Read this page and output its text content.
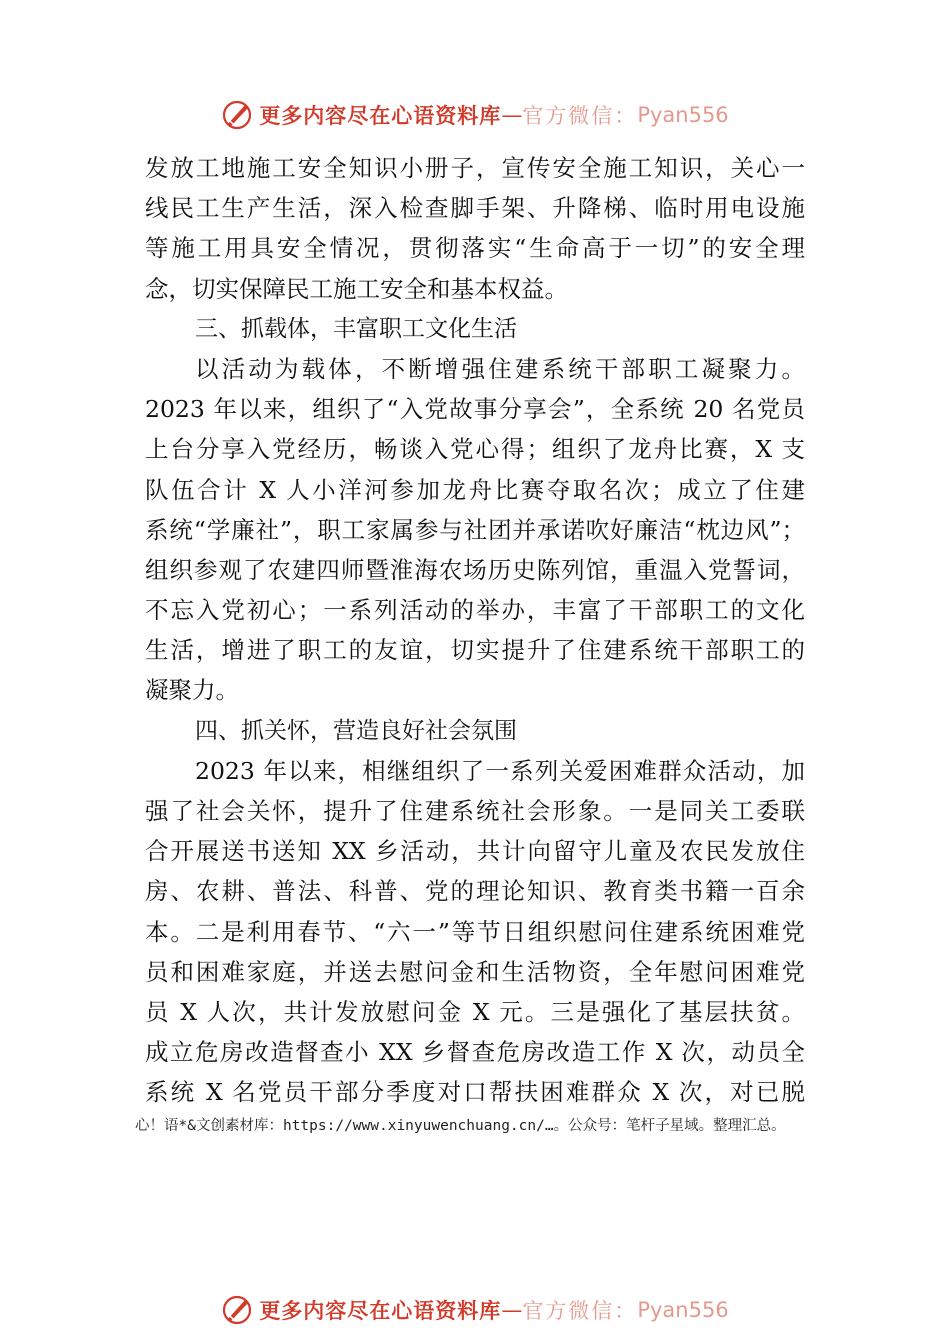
更多内容尽在心语资料库 — 官方微信： Pyan556
发放工地施工安全知识小册子，宣传安全施工知识，关心一
线民工生产生活，深入检查脚手架、升降梯、临时用电设施
等施工用具安全情况，贯彻落实“生命高于一切”的安全理
念，切实保障民工施工安全和基本权益。
三、抓载体，丰富职工文化生活
以活动为载体，不断增强住建系统干部职工凝聚力。
2023 年以来，组织了“入党故事分享会”，全系统 20 名党员
上台分享入党经历，畅谈入党心得；组织了龙舟比赛，X 支
队伍合计 X 人小洋河参加龙舟比赛夺取名次；成立了住建
系统“学廉社”，职工家属参与社团并承诺吹好廉洁“枕边风”；
组织参观了农建四师暨淮海农场历史陈列馆，重温入党誓词，
不忘入党初心；一系列活动的举办，丰富了干部职工的文化
生活，增进了职工的友谊，切实提升了住建系统干部职工的
凝聚力。
四、抓关怀，营造良好社会氛围
2023 年以来，相继组织了一系列关爱困难群众活动，加
强了社会关怀，提升了住建系统社会形象。一是同关工委联
合开展送书送知 XX 乡活动，共计向留守儿童及农民发放住
房、农耕、普法、科普、党的理论知识、教育类书籍一百余
本。二是利用春节、“六一”等节日组织慰问住建系统困难党
员和困难家庭，并送去慰问金和生活物资，全年慰问困难党
员 X 人次，共计发放慰问金 X 元。三是强化了基层扶贫。
成立危房改造督查小 XX 乡督查危房改造工作 X 次，动员全
系统 X 名党员干部分季度对口帮扶困难群众 X 次，对已脱
心！语*&文创素材库：https://www.xinyuwenchuang.cn/…。公众号：笔杆子星域。整理汇总。
更多内容尽在心语资料库 — 官方微信： Pyan556
